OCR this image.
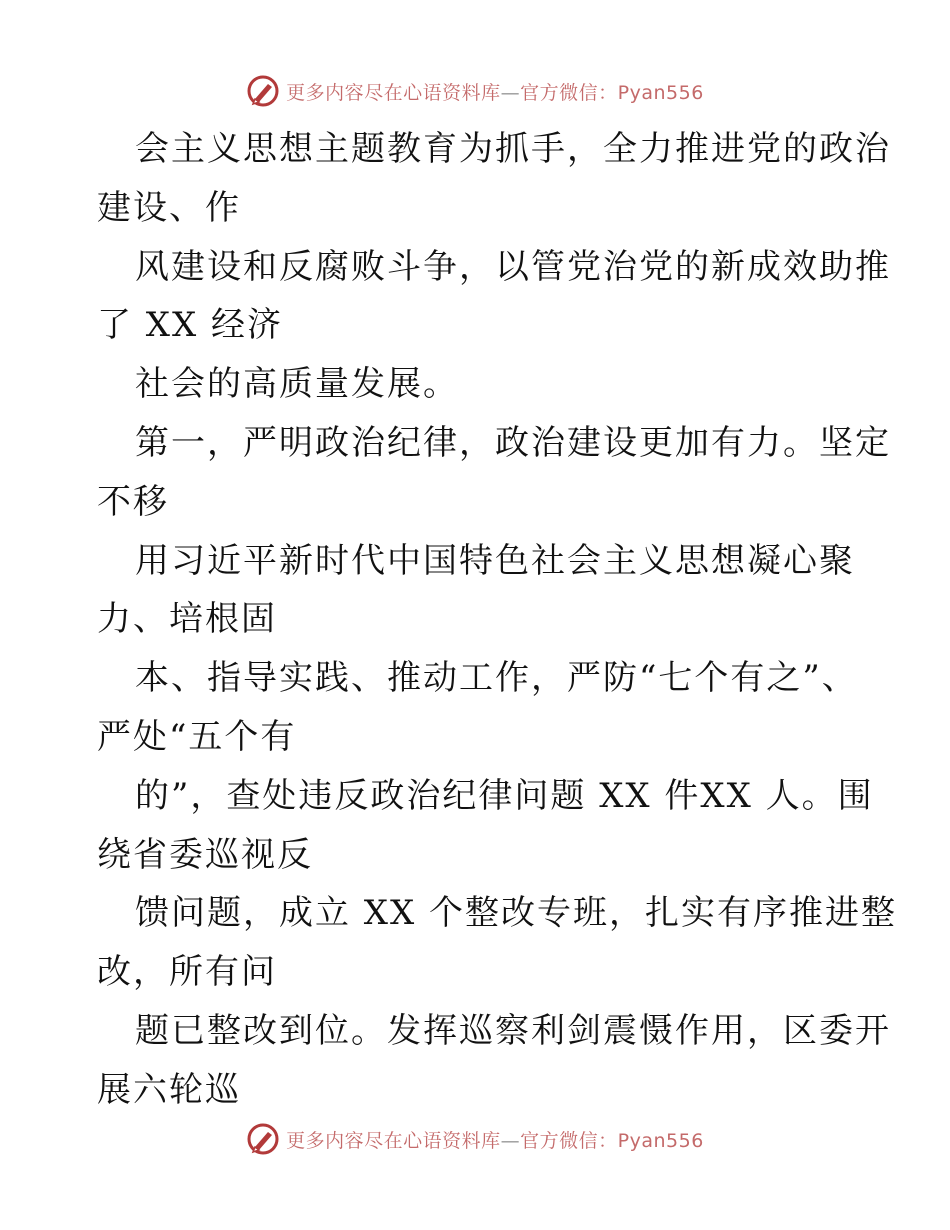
更多内容尽在心语资料库—官方微信：Pyan556
会主义思想主题教育为抓手，全力推进党的政治
建设、作
风建设和反腐败斗争，以管党治党的新成效助推
了 XX 经济
社会的高质量发展。
第一，严明政治纪律，政治建设更加有力。坚定
不移
用习近平新时代中国特色社会主义思想凝心聚
力、培根固
本、指导实践、推动工作，严防“七个有之”、
严处“五个有
的”，查处违反政治纪律问题 XX 件XX 人。围
绕省委巡视反
馈问题，成立 XX 个整改专班，扎实有序推进整
改，所有问
题已整改到位。发挥巡察利剑震慑作用，区委开
展六轮巡
更多内容尽在心语资料库—官方微信：Pyan556
